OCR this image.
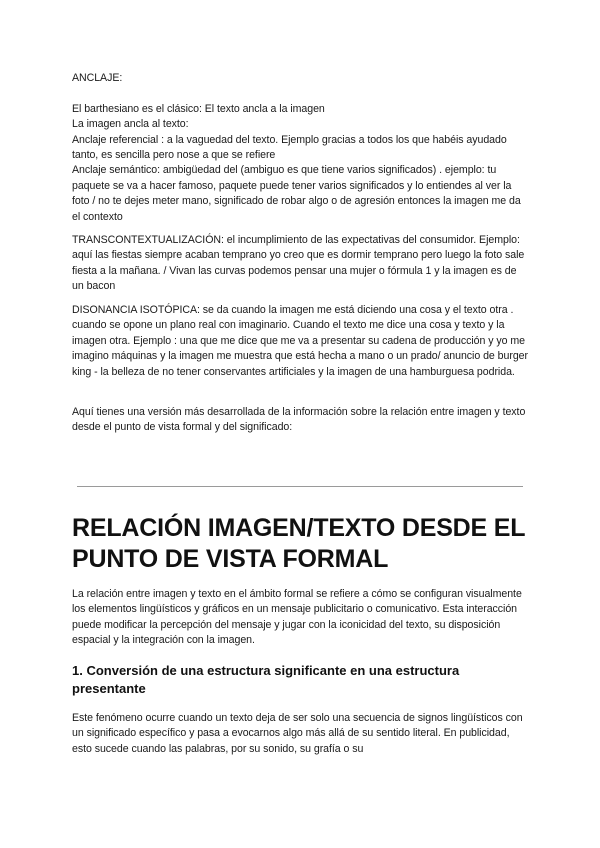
ANCLAJE:

El barthesiano es el clásico: El texto ancla a la imagen

La imagen ancla al texto:

Anclaje referencial : a la vaguedad del texto. Ejemplo gracias a todos los que habéis ayudado tanto, es sencilla pero nose a que se refiere

Anclaje semántico: ambigüedad del (ambiguo es que tiene varios significados) . ejemplo: tu paquete se va a hacer famoso, paquete puede tener varios significados y lo entiendes al ver la foto / no te dejes meter mano, significado de robar algo o de agresión entonces la imagen me da el contexto

TRANSCONTEXTUALIZACIÓN: el incumplimiento de las expectativas del consumidor. Ejemplo: aquí las fiestas siempre acaban temprano yo creo que es dormir temprano pero luego la foto sale fiesta a la mañana. / Vivan las curvas podemos pensar una mujer o fórmula 1 y la imagen es de un bacon

DISONANCIA ISOTÓPICA: se da cuando la imagen me está diciendo una cosa y el texto otra . cuando se opone un plano real con imaginario. Cuando el texto me dice una cosa y texto y la imagen otra. Ejemplo : una que me dice que me va a presentar su cadena de producción y yo me imagino máquinas y la imagen me muestra que está hecha a mano o un prado/ anuncio de burger king - la belleza de no tener conservantes artificiales y la imagen de una hamburguesa podrida.

Aquí tienes una versión más desarrollada de la información sobre la relación entre imagen y texto desde el punto de vista formal y del significado:

RELACIÓN IMAGEN/TEXTO DESDE EL PUNTO DE VISTA FORMAL

La relación entre imagen y texto en el ámbito formal se refiere a cómo se configuran visualmente los elementos lingüísticos y gráficos en un mensaje publicitario o comunicativo. Esta interacción puede modificar la percepción del mensaje y jugar con la iconicidad del texto, su disposición espacial y la integración con la imagen.

1. Conversión de una estructura significante en una estructura presentante

Este fenómeno ocurre cuando un texto deja de ser solo una secuencia de signos lingüísticos con un significado específico y pasa a evocarnos algo más allá de su sentido literal. En publicidad, esto sucede cuando las palabras, por su sonido, su grafía o su
